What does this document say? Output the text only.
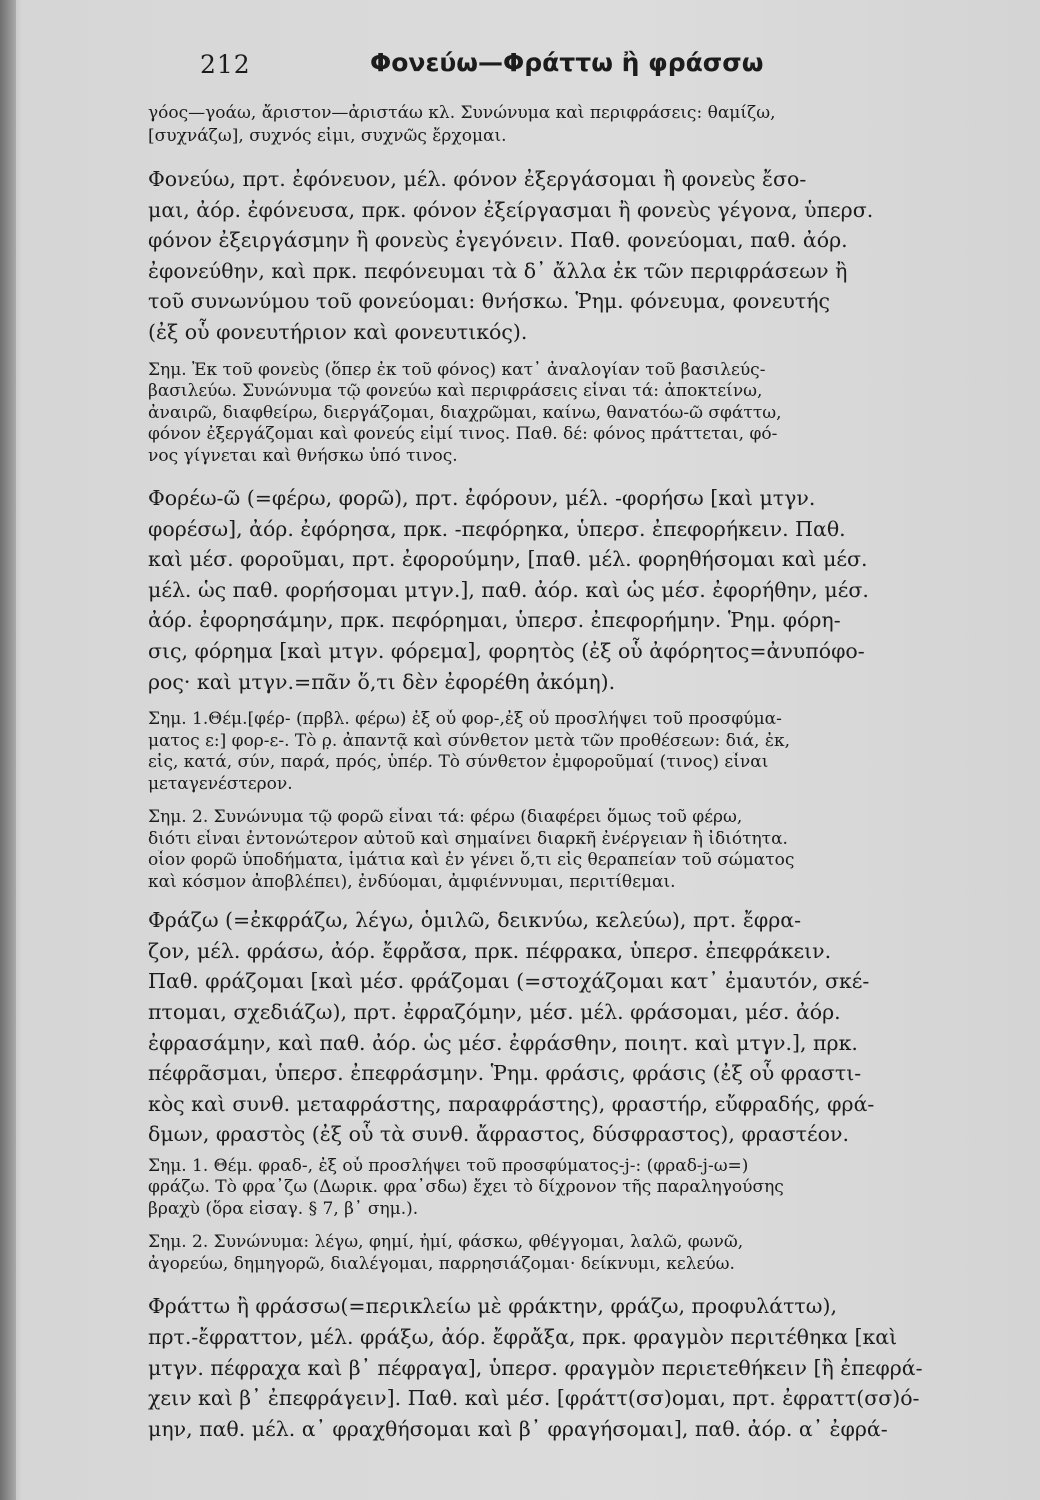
212	Φονεύω—Φράττω ἢ φράσσω
γόος—γοάω, ἄριστον—ἀριστάω κλ. Συνώνυμα καὶ περιφράσεις: θαμίζω,
[συχνάζω], συχνός εἰμι, συχνῶς ἔρχομαι.
Φονεύω, πρτ. ἐφόνευον, μέλ. φόνον ἐξεργάσομαι ἢ φονεὺς ἔσο-
μαι, ἀόρ. ἐφόνευσα, πρκ. φόνον ἐξείργασμαι ἢ φονεὺς γέγονα, ὑπερσ.
φόνον ἐξειργάσμην ἢ φονεὺς ἐγεγόνειν. Παθ. φονεύομαι, παθ. ἀόρ.
ἐφονεύθην, καὶ πρκ. πεφόνευμαι τὰ δ᾽ ἄλλα ἐκ τῶν περιφράσεων ἢ
τοῦ συνωνύμου τοῦ φονεύομαι: θνήσκω. Ῥημ. φόνευμα, φονευτής
(ἐξ οὗ φονευτήριον καὶ φονευτικός).
Σημ. Ἐκ τοῦ φονεὺς (ὅπερ ἐκ τοῦ φόνος) κατ᾽ ἀναλογίαν τοῦ βασιλεύς-
βασιλεύω. Συνώνυμα τῷ φονεύω καὶ περιφράσεις εἶναι τά: ἀποκτείνω,
ἀναιρῶ, διαφθείρω, διεργάζομαι, διαχρῶμαι, καίνω, θανατόω-ῶ σφάττω,
φόνον ἐξεργάζομαι καὶ φονεύς εἰμί τινος. Παθ. δέ: φόνος πράττεται, φό-
νος γίγνεται καὶ θνήσκω ὑπό τινος.
Φορέω-ῶ (=φέρω, φορῶ), πρτ. ἐφόρουν, μέλ. -φορήσω [καὶ μτγν.
φορέσω], ἀόρ. ἐφόρησα, πρκ. -πεφόρηκα, ὑπερσ. ἐπεφορήκειν. Παθ.
καὶ μέσ. φοροῦμαι, πρτ. ἐφορούμην, [παθ. μέλ. φορηθήσομαι καὶ μέσ.
μέλ. ὡς παθ. φορήσομαι μτγν.], παθ. ἀόρ. καὶ ὡς μέσ. ἐφορήθην, μέσ.
ἀόρ. ἐφορησάμην, πρκ. πεφόρημαι, ὑπερσ. ἐπεφορήμην. Ῥημ. φόρη-
σις, φόρημα [καὶ μτγν. φόρεμα], φορητὸς (ἐξ οὗ ἀφόρητος=ἀνυπόφο-
ρος· καὶ μτγν.=πᾶν ὅ,τι δὲν ἐφορέθη ἀκόμη).
Σημ. 1.Θέμ.[φέρ- (πρβλ. φέρω) ἐξ οὗ φορ-,ἐξ οὗ προσλήψει τοῦ προσφύμα-
ματος ε:] φορ-ε-. Τὸ ρ̣. ἀπαντᾷ καὶ σύνθετον μετὰ τῶν προθέσεων: διά, ἐκ,
εἰς, κατά, σύν, παρά, πρός, ὑπέρ. Τὸ σύνθετον ἐμφοροῦμαί (τινος) εἶναι
μεταγενέστερον.
Σημ. 2. Συνώνυμα τῷ φορῶ εἶναι τά: φέρω (διαφέρει ὅμως τοῦ φέρω,
διότι εἶναι ἐντονώτερον αὐτοῦ καὶ σημαίνει διαρκῆ ἐνέργειαν ἢ ἰδιότητα.
οἷον φορῶ ὑποδήματα, ἱμάτια καὶ ἐν γένει ὅ,τι εἰς θεραπείαν τοῦ σώματος
καὶ κόσμον ἀποβλέπει), ἐνδύομαι, ἀμφιέννυμαι, περιτίθεμαι.
Φράζω (=ἐκφράζω, λέγω, ὁμιλῶ, δεικνύω, κελεύω), πρτ. ἔφρα-
ζον, μέλ. φράσω, ἀόρ. ἔφρἄσα, πρκ. πέφρακα, ὑπερσ. ἐπεφράκειν.
Παθ. φράζομαι [καὶ μέσ. φράζομαι (=στοχάζομαι κατ᾽ ἐμαυτόν, σκέ-
πτομαι, σχεδιάζω), πρτ. ἐφραζόμην, μέσ. μέλ. φράσομαι, μέσ. ἀόρ.
ἐφρασάμην, καὶ παθ. ἀόρ. ὡς μέσ. ἐφράσθην, ποιητ. καὶ μτγν.], πρκ.
πέφρᾶσμαι, ὑπερσ. ἐπεφράσμην. Ῥημ. φράσις, φράσις (ἐξ οὗ φραστι-
κὸς καὶ συνθ. μεταφράστης, παραφράστης), φραστήρ, εὔφραδής, φρά-
δμων, φραστὸς (ἐξ οὗ τὰ συνθ. ἄφραστος, δύσφραστος), φραστέον.
Σημ. 1. Θέμ. φραδ-, ἐξ οὗ προσλήψει τοῦ προσφύματος-j-: (φραδ-j-ω=)
φράζω. Τὸ φρα᾽ζω (Δωρικ. φρα᾽σδω) ἔχει τὸ δίχρονον τῆς παραληγούσης
βραχὺ (ὅρα εἰσαγ. § 7, β᾽ σημ.).
Σημ. 2. Συνώνυμα: λέγω, φημί, ἠμί, φάσκω, φθέγγομαι, λαλῶ, φωνῶ,
ἀγορεύω, δημηγορῶ, διαλέγομαι, παρρησιάζομαι· δείκνυμι, κελεύω.
Φράττω ἢ φράσσω(=περικλείω μὲ φράκτην, φράζω, προφυλάττω),
πρτ.-ἔφραττον, μέλ. φράξω, ἀόρ. ἔφρἄξα, πρκ. φραγμὸν περιτέθηκα [καὶ
μτγν. πέφραχα καὶ β᾽ πέφραγα], ὑπερσ. φραγμὸν περιετεθήκειν [ἢ ἐπεφρά-
χειν καὶ β᾽ ἐπεφράγειν]. Παθ. καὶ μέσ. [φράττ(σσ)ομαι, πρτ. ἐφραττ(σσ)ό-
μην, παθ. μέλ. α᾽ φραχθήσομαι καὶ β᾽ φραγήσομαι], παθ. ἀόρ. α᾽ ἐφρά-
